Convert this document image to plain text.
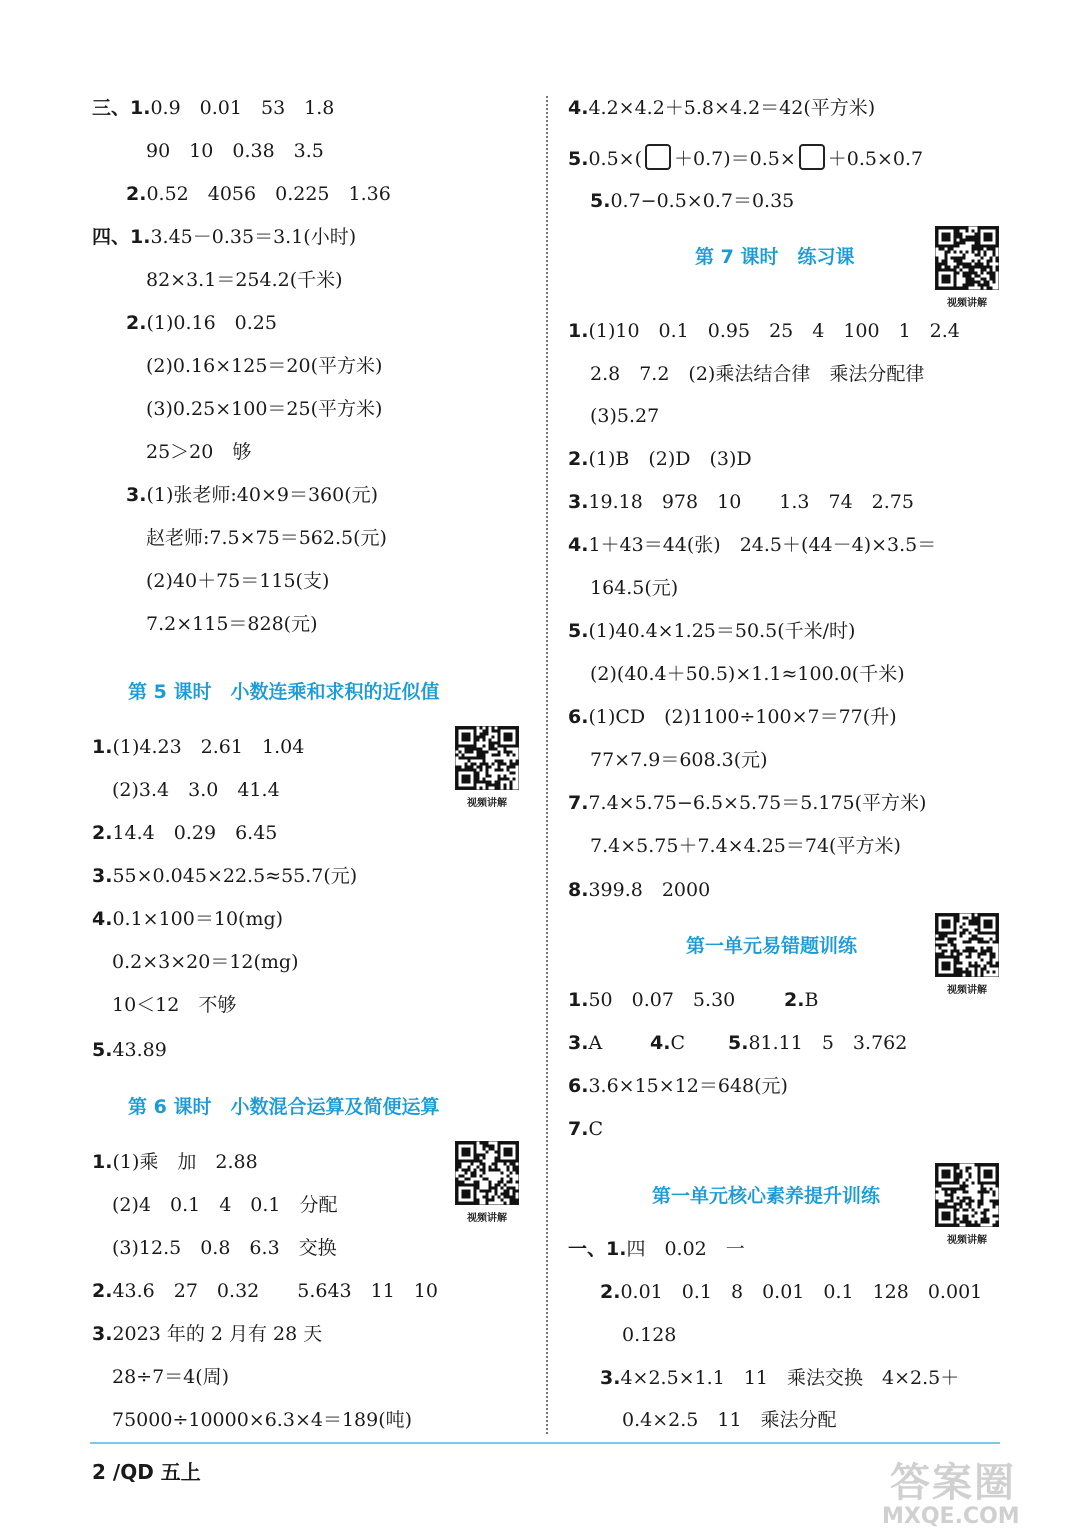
三、1.0.9　0.01　53　1.8
90　10　0.38　3.5
2.0.52　4056　0.225　1.36
四、1.3.45－0.35＝3.1(小时)
82×3.1＝254.2(千米)
2.(1)0.16　0.25
(2)0.16×125＝20(平方米)
(3)0.25×100＝25(平方米)
25＞20　够
3.(1)张老师:40×9＝360(元)
赵老师:7.5×75＝562.5(元)
(2)40＋75＝115(支)
7.2×115＝828(元)
1.(1)4.23　2.61　1.04
(2)3.4　3.0　41.4
2.14.4　0.29　6.45
3.55×0.045×22.5≈55.7(元)
4.0.1×100＝10(mg)
0.2×3×20＝12(mg)
10＜12　不够
5.43.89
1.(1)乘　加　2.88
(2)4　0.1　4　0.1　分配
(3)12.5　0.8　6.3　交换
2.43.6　27　0.32　　5.643　11　10
3.2023 年的 2 月有 28 天
28÷7＝4(周)
75000÷10000×6.3×4＝189(吨)
4.4.2×4.2＋5.8×4.2＝42(平方米)
5.0.7−0.5×0.7＝0.35
1.(1)10　0.1　0.95　25　4　100　1　2.4
2.8　7.2　(2)乘法结合律　乘法分配律
(3)5.27
2.(1)B　(2)D　(3)D
3.19.18　978　10　　1.3　74　2.75
4.1＋43＝44(张)　24.5＋(44－4)×3.5＝
164.5(元)
5.(1)40.4×1.25＝50.5(千米/时)
(2)(40.4＋50.5)×1.1≈100.0(千米)
6.(1)CD　(2)1100÷100×7＝77(升)
77×7.9＝608.3(元)
7.7.4×5.75−6.5×5.75＝5.175(平方米)
7.4×5.75＋7.4×4.25＝74(平方米)
8.399.8　2000
1.50　0.07　5.30　　
3.A　
6.3.6×15×12＝648(元)
7.C
一、1.四　0.02　一
2.0.01　0.1　8　0.01　0.1　128　0.001
0.128
3.4×2.5×1.1　11　乘法交换　4×2.5＋
0.4×2.5　11　乘法分配
2.B
4.C 5.81.11　5　3.762
5.0.5×( ＋0.7)＝0.5× ＋0.5×0.7
第 5 课时　小数连乘和求积的近似值
第 6 课时　小数混合运算及简便运算
第 7 课时　练习课
第一单元易错题训练
第一单元核心素养提升训练
视频讲解
视频讲解
视频讲解
视频讲解
视频讲解
2 /QD 五上	答案圈
MXQE.COM
